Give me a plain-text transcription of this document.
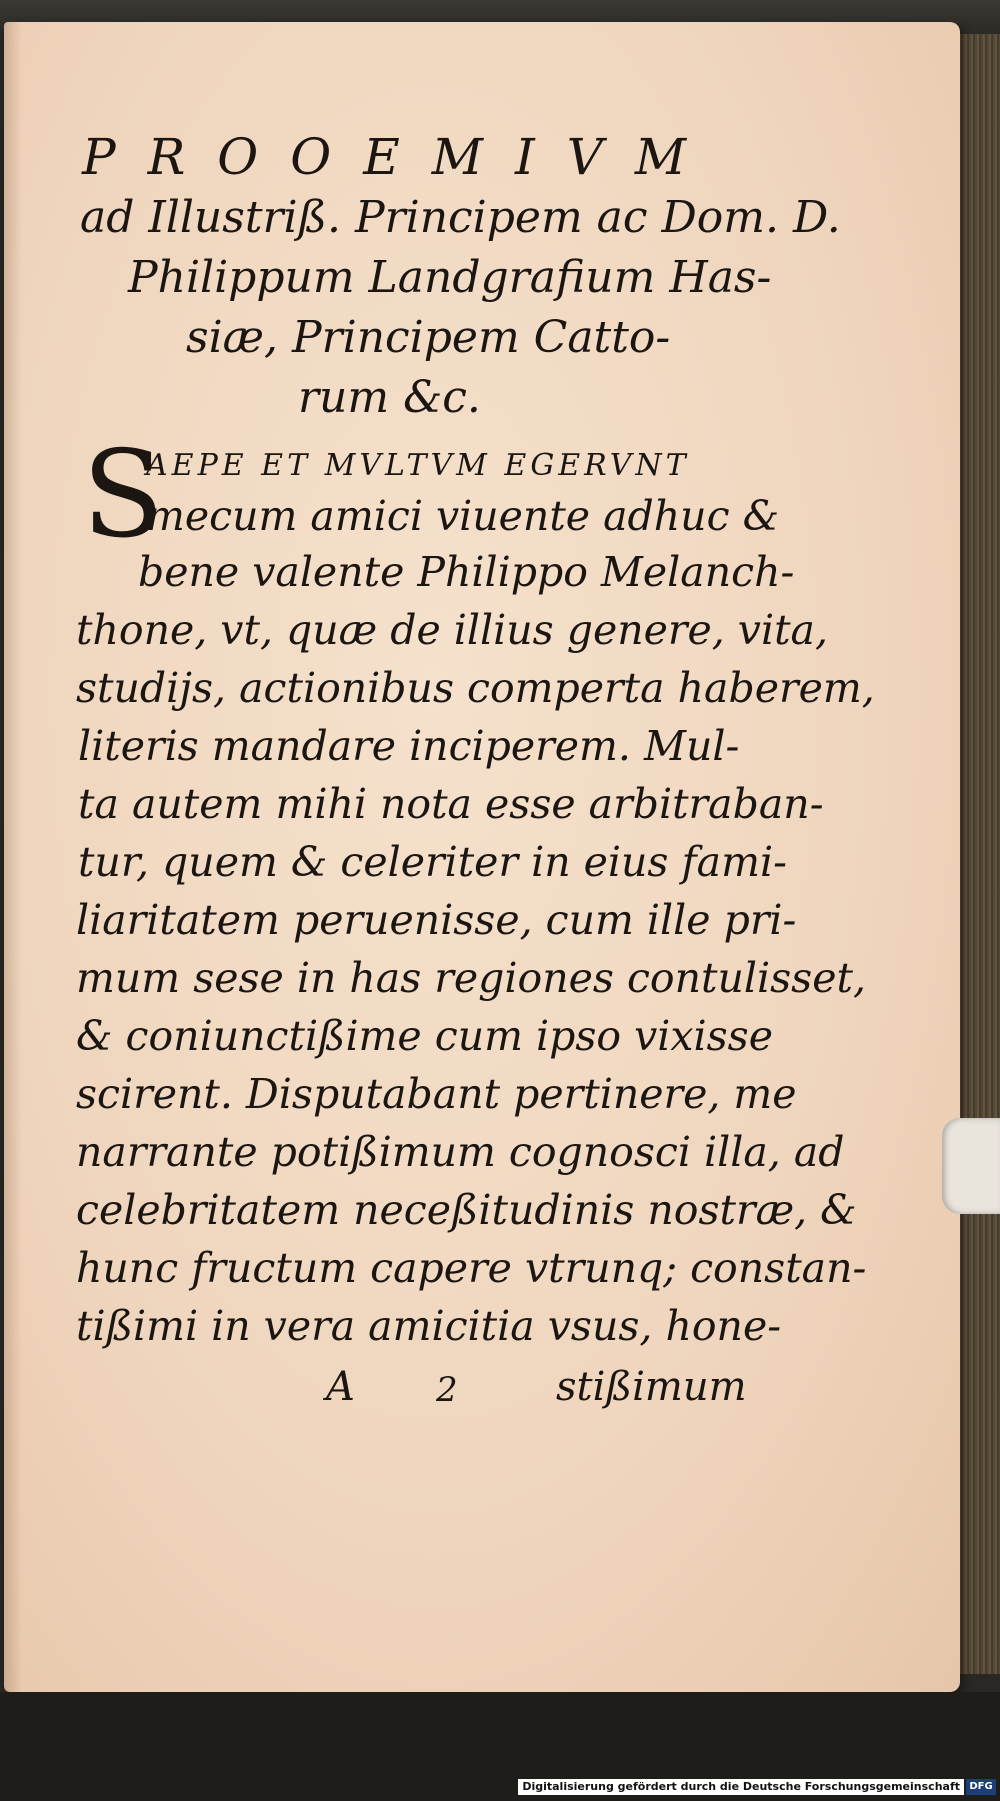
PROOEMIVM
ad Illustriß. Principem ac Dom. D.
Philippum Landgrafium Has-
siæ, Principem Catto-
rum &c.
S
AEPE ET MVLTVM EGERVNT
mecum amici viuente adhuc &
bene valente Philippo Melanch-
thone, vt, quæ de illius genere, vita,
studijs, actionibus comperta haberem,
literis mandare inciperem. Mul-
ta autem mihi nota esse arbitraban-
tur, quem & celeriter in eius fami-
liaritatem peruenisse, cum ille pri-
mum sese in has regiones contulisset,
& coniunctißime cum ipso vixisse
scirent. Disputabant pertinere, me
narrante potißimum cognosci illa, ad
celebritatem neceßitudinis nostræ, &
hunc fructum capere vtrunq; constan-
tißimi in vera amicitia vsus, hone-
A 2 stißimum
Digitalisierung gefördert durch die Deutsche Forschungsgemeinschaft DFG
